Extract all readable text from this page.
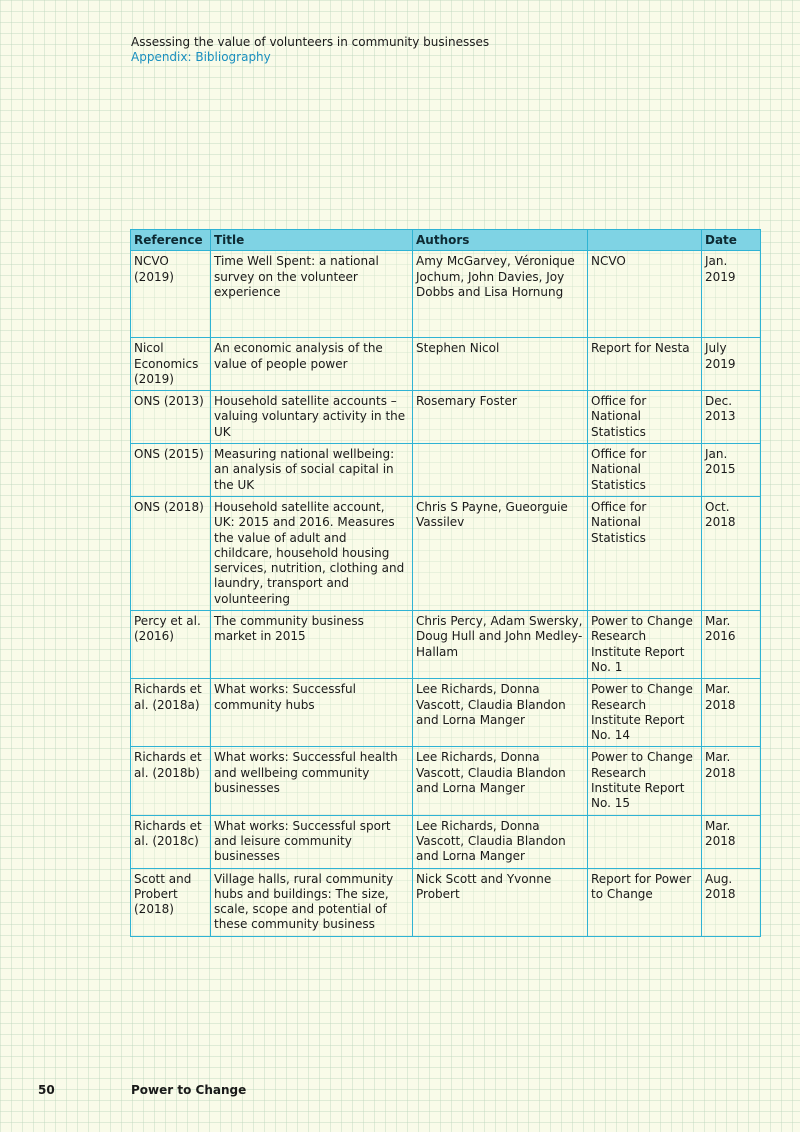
Assessing the value of volunteers in community businesses
Appendix: Bibliography
Reference	Title	Authors		Date
NCVO (2019)	Time Well Spent: a national survey on the volunteer experience	Amy McGarvey, Véronique Jochum, John Davies, Joy Dobbs and Lisa Hornung	NCVO	Jan. 2019
Nicol Economics (2019)	An economic analysis of the value of people power	Stephen Nicol	Report for Nesta	July 2019
ONS (2013)	Household satellite accounts – valuing voluntary activity in the UK	Rosemary Foster	Office for National Statistics	Dec. 2013
ONS (2015)	Measuring national wellbeing: an analysis of social capital in the UK		Office for National Statistics	Jan. 2015
ONS (2018)	Household satellite account, UK: 2015 and 2016. Measures the value of adult and childcare, household housing services, nutrition, clothing and laundry, transport and volunteering	Chris S Payne, Gueorguie Vassilev	Office for National Statistics	Oct. 2018
Percy et al. (2016)	The community business market in 2015	Chris Percy, Adam Swersky, Doug Hull and John Medley-Hallam	Power to Change Research Institute Report No. 1	Mar. 2016
Richards et al. (2018a)	What works: Successful community hubs	Lee Richards, Donna Vascott, Claudia Blandon and Lorna Manger	Power to Change Research Institute Report No. 14	Mar. 2018
Richards et al. (2018b)	What works: Successful health and wellbeing community businesses	Lee Richards, Donna Vascott, Claudia Blandon and Lorna Manger	Power to Change Research Institute Report No. 15	Mar. 2018
Richards et al. (2018c)	What works: Successful sport and leisure community businesses	Lee Richards, Donna Vascott, Claudia Blandon and Lorna Manger		Mar. 2018
Scott and Probert (2018)	Village halls, rural community hubs and buildings: The size, scale, scope and potential of these community business	Nick Scott and Yvonne Probert	Report for Power to Change	Aug. 2018
50	Power to Change
